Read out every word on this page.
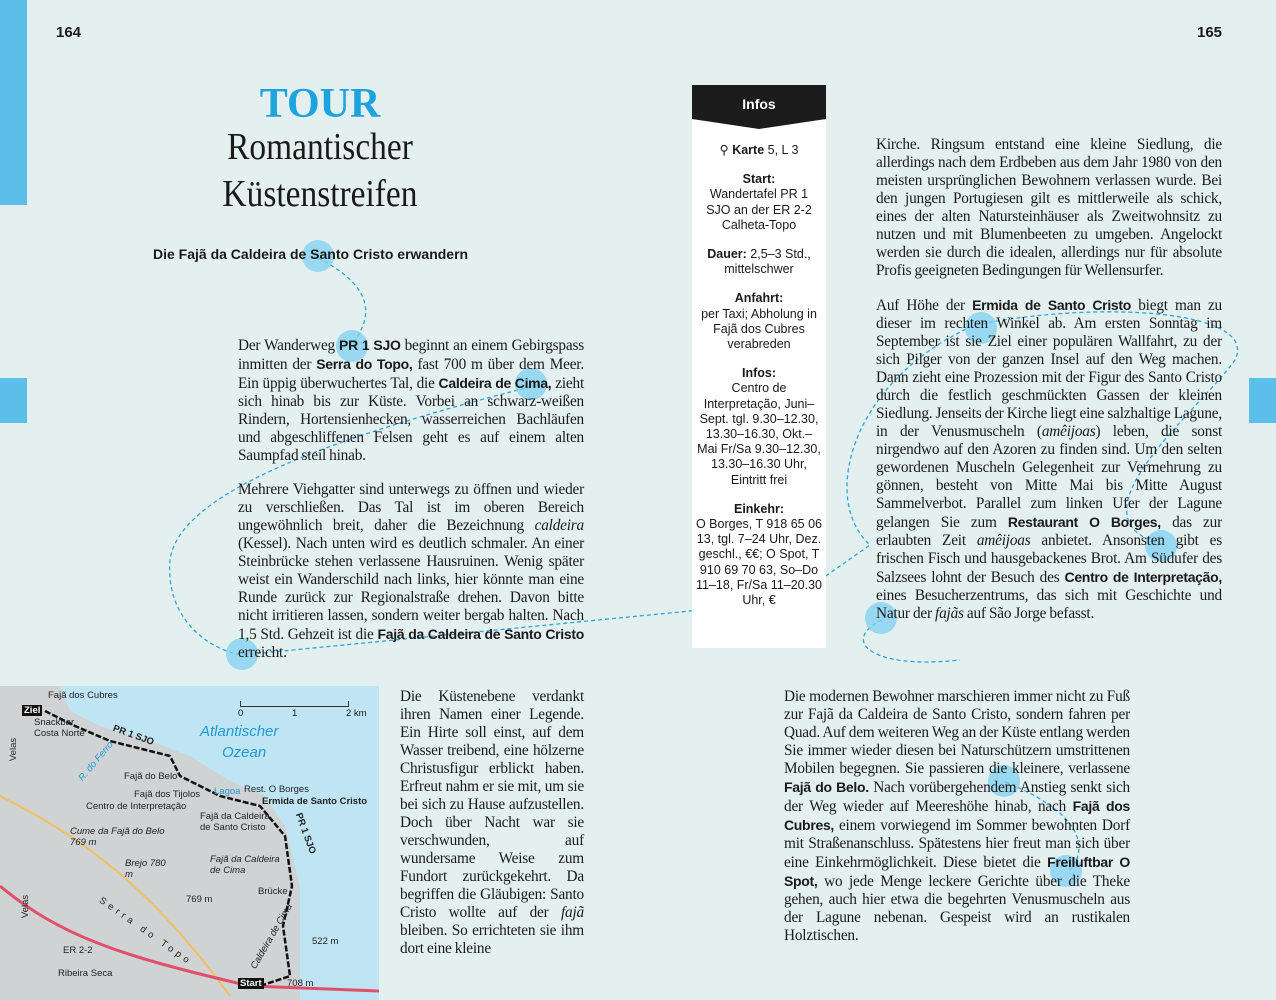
164	165
TOUR
Romantischer
Küstenstreifen
Die Fajã da Caldeira de Santo Cristo erwandern

Der Wanderweg PR 1 SJO beginnt an einem Gebirgspass inmitten der Serra do Topo, fast 700 m über dem Meer. Ein üppig überwuchertes Tal, die Caldeira de Cima, zieht sich hinab bis zur Küste. Vorbei an schwarz-weißen Rindern, Hortensienhecken, wasserreichen Bachläufen und abgeschliffenen Felsen geht es auf einem alten Saumpfad steil hinab.

Mehrere Viehgatter sind unterwegs zu öffnen und wieder zu verschließen. Das Tal ist im oberen Bereich ungewöhnlich breit, daher die Bezeichnung caldeira (Kessel). Nach unten wird es deutlich schmaler. An einer Steinbrücke stehen verlassene Hausruinen. Wenig später weist ein Wanderschild nach links, hier könnte man eine Runde zurück zur Regionalstraße drehen. Davon bitte nicht irritieren lassen, sondern weiter bergab halten. Nach 1,5 Std. Gehzeit ist die Fajã da Caldeira de Santo Cristo erreicht.

Die Küstenebene verdankt ihren Namen einer Legende. Ein Hirte soll einst, auf dem Wasser treibend, eine hölzerne Christusfigur erblickt haben. Erfreut nahm er sie mit, um sie bei sich zu Hause aufzustellen. Doch über Nacht war sie verschwunden, auf wundersame Weise zum Fundort zurückgekehrt. Da begriffen die Gläubigen: Santo Cristo wollte auf der fajã bleiben. So errichteten sie ihm dort eine kleine

Kirche. Ringsum entstand eine kleine Siedlung, die allerdings nach dem Erdbeben aus dem Jahr 1980 von den meisten ursprünglichen Bewohnern verlassen wurde. Bei den jungen Portugiesen gilt es mittlerweile als schick, eines der alten Natursteinhäuser als Zweitwohnsitz zu nutzen und mit Blumenbeeten zu umgeben. Angelockt werden sie durch die idealen, allerdings nur für absolute Profis geeigneten Bedingungen für Wellensurfer.

Auf Höhe der Ermida de Santo Cristo biegt man zu dieser im rechten Winkel ab. Am ersten Sonntag im September ist sie Ziel einer populären Wallfahrt, zu der sich Pilger von der ganzen Insel auf den Weg machen. Dann zieht eine Prozession mit der Figur des Santo Cristo durch die festlich geschmückten Gassen der kleinen Siedlung. Jenseits der Kirche liegt eine salzhaltige Lagune, in der Venusmuscheln (amêijoas) leben, die sonst nirgendwo auf den Azoren zu finden sind. Um den selten gewordenen Muscheln Gelegenheit zur Vermehrung zu gönnen, besteht von Mitte Mai bis Mitte August Sammelverbot. Parallel zum linken Ufer der Lagune gelangen Sie zum Restaurant O Borges, das zur erlaubten Zeit amêijoas anbietet. Ansonsten gibt es frischen Fisch und hausgebackenes Brot. Am Südufer des Salzsees lohnt der Besuch des Centro de Interpretação, eines Besucherzentrums, das sich mit Geschichte und Natur der fajãs auf São Jorge befasst.

Die modernen Bewohner marschieren immer nicht zu Fuß zur Fajã da Caldeira de Santo Cristo, sondern fahren per Quad. Auf dem weiteren Weg an der Küste entlang werden Sie immer wieder diesen bei Naturschützern umstrittenen Mobilen begegnen. Sie passieren die kleinere, verlassene Fajã do Belo. Nach vorübergehendem Anstieg senkt sich der Weg wieder auf Meereshöhe hinab, nach Fajã dos Cubres, einem vorwiegend im Sommer bewohnten Dorf mit Straßenanschluss. Spätestens hier freut man sich über eine Einkehrmöglichkeit. Diese bietet die Freiluftbar O Spot, wo jede Menge leckere Gerichte über die Theke gehen, auch hier etwa die begehrten Venusmuscheln aus der Lagune nebenan. Gespeist wird an rustikalen Holztischen.

Infos
⚲ Karte 5, L 3
Start:
Wandertafel PR 1 SJO an der ER 2-2 Calheta-Topo
Dauer: 2,5–3 Std., mittelschwer
Anfahrt:
per Taxi; Abholung in Fajã dos Cubres verabreden
Infos:
Centro de Interpretação, Juni–Sept. tgl. 9.30–12.30, 13.30–16.30, Okt.–Mai Fr/Sa 9.30–12.30, 13.30–16.30 Uhr, Eintritt frei
Einkehr:
O Borges, T 918 65 06 13, tgl. 7–24 Uhr, Dez. geschl., €€; O Spot, T 910 69 70 63, So–Do 11–18, Fr/Sa 11–20.30 Uhr, €
Fajã dos Cubres
Ziel
Snackbar Costa Norte
Velas
PR 1 SJO
R. do Ferro
Atlantischer
Ozean
Fajã do Belo
Lagoa Rest. O Borges
Ermida de Santo Cristo
Fajã dos Tijolos
Centro de Interpretação
Fajã da Caldeira de Santo Cristo
Cume da Fajã do Belo 769 m
Brejo 780 m
Fajã da Caldeira de Cima
Brücke
769 m
Serra do Topo	Caldeira de Cima 522 m
708 m
Start
ER 2-2
Ribeira Seca
Velas
PR 1 SJO
0	1	2 km
